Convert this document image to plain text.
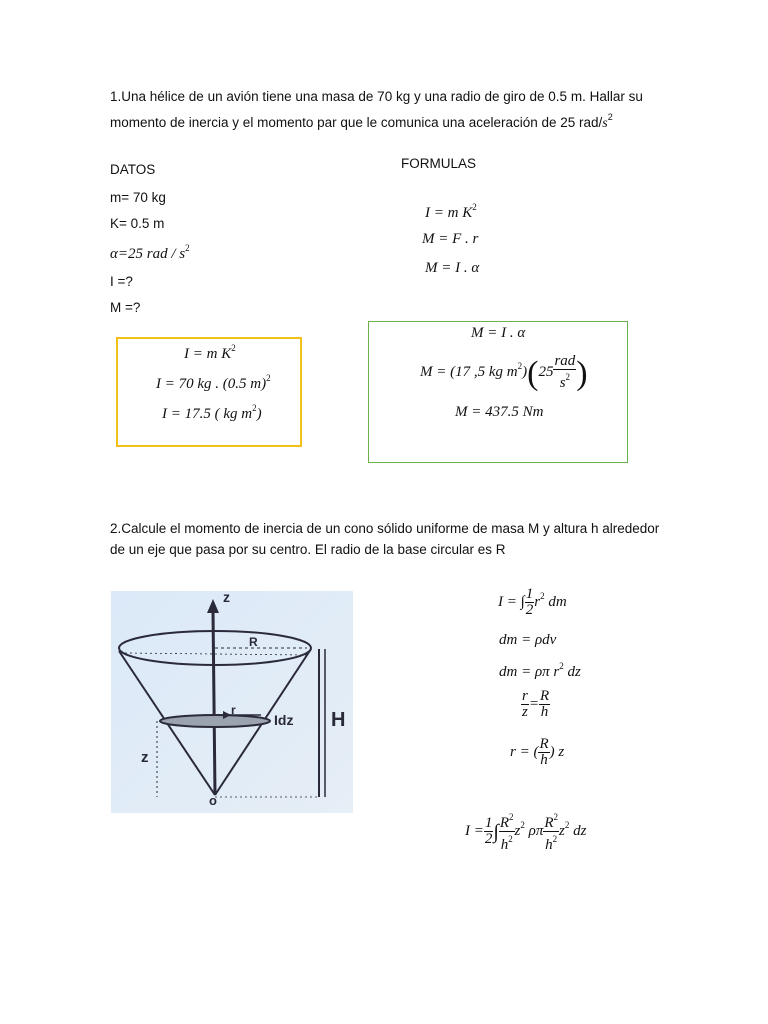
1.Una hélice de un avión tiene una masa de 70 kg y una radio de giro de 0.5 m. Hallar su
momento de inercia y el momento par que le comunica una aceleración de 25 rad/$s^2$
DATOS
m= 70 kg
K= 0.5 m
α=25 rad / $s^2$
I =?
M =?
FORMULAS
I = m $K^2$
M = F . r
M = I . α
I = m $K^2$
I = 70 kg . (0.5 m)$^2$
I = 17.5 ( kg $m^2$)
M = I . α
M = (17 ,5 kg $m^2)(25 \frac{\text{rad}}{s^2}$ )
M = 437.5 Nm
2.Calcule el momento de inercia de un cono sólido uniforme de masa M y altura h alrededor
de un eje que pasa por su centro. El radio de la base circular es R
z
R
r
Idz H
z
o
I = ∫ $\frac{1}{2} r^2$ dm
dm = ρdv
dm = ρπ $r^2$ dz
$\frac{r}{z} = \frac{R}{h}$
r = ( $\frac{R}{h}$ ) z
$I = \frac{1}{2}$ ∫ $\frac{R^2}{h^2} z^2$ ρπ $\frac{R^2}{h^2} z^2$ dz
